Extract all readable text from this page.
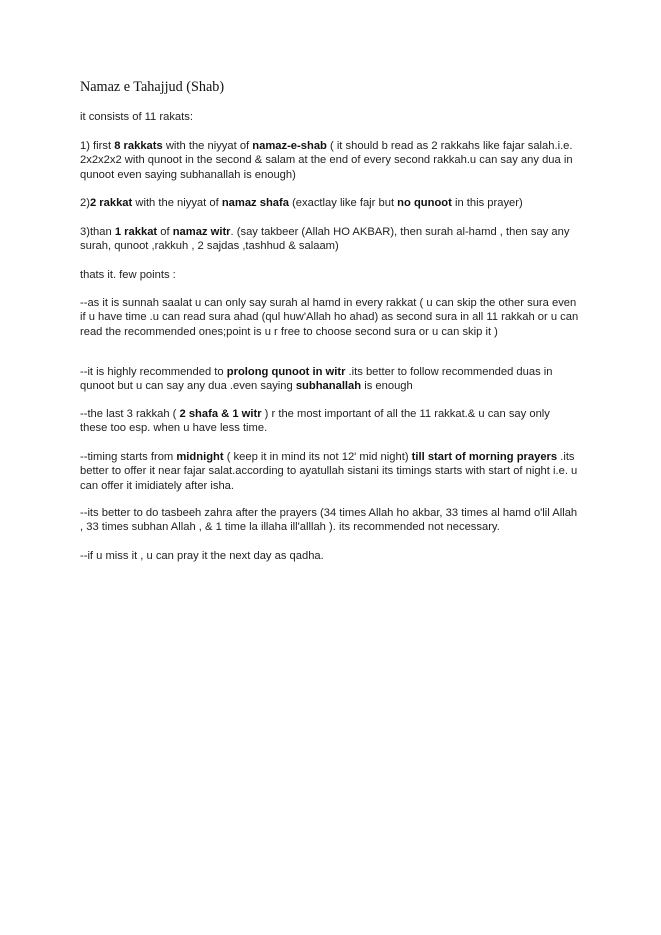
Namaz e Tahajjud (Shab)
it consists of 11 rakats:
1) first 8 rakkats with the niyyat of namaz-e-shab ( it should b read as 2 rakkahs like fajar salah.i.e. 2x2x2x2 with qunoot in the second & salam at the end of every second rakkah.u can say any dua in qunoot even saying subhanallah is enough)
2)2 rakkat with the niyyat of namaz shafa (exactlay like fajr but no qunoot in this prayer)
3)than 1 rakkat of namaz witr. (say takbeer (Allah HO AKBAR), then surah al-hamd , then say any surah, qunoot ,rakkuh , 2 sajdas ,tashhud & salaam)
thats it. few points :
--as it is sunnah saalat u can only say surah al hamd in every rakkat ( u can skip the other sura even if u have time .u can read sura ahad (qul huw'Allah ho ahad) as second sura in all 11 rakkah or u can read the recommended ones;point is u r free to choose second sura or u can skip it )
--it is highly recommended to prolong qunoot in witr .its better to follow recommended duas in qunoot but u can say any dua .even saying subhanallah is enough
--the last 3 rakkah ( 2 shafa & 1 witr ) r the most important of all the 11 rakkat.& u can say only these too esp. when u have less time.
--timing starts from midnight ( keep it in mind its not 12' mid night) till start of morning prayers .its better to offer it near fajar salat.according to ayatullah sistani its timings starts with start of night i.e. u can offer it imidiately after isha.
--its better to do tasbeeh zahra after the prayers (34 times Allah ho akbar, 33 times al hamd o'lil Allah , 33 times subhan Allah , & 1 time la illaha ill'alllah ). its recommended not necessary.
--if u miss it , u can pray it the next day as qadha.
